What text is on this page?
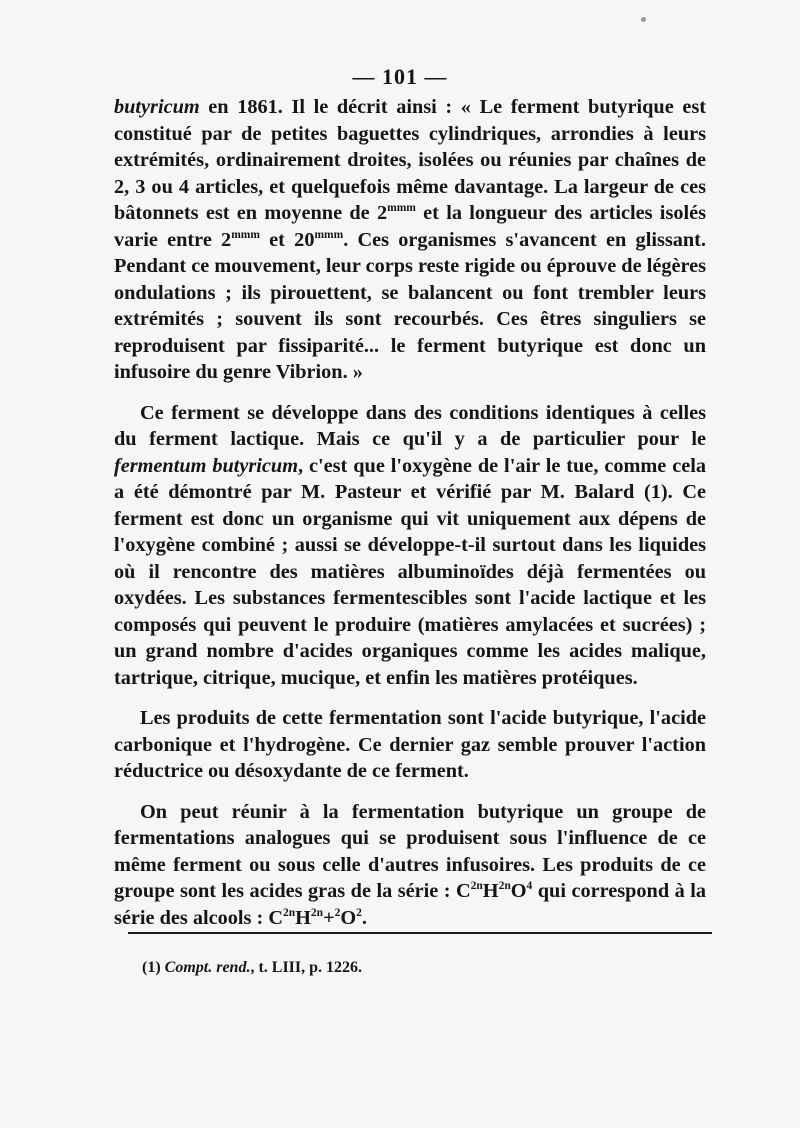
— 101 —

butyricum en 1861. Il le décrit ainsi : « Le ferment butyrique est constitué par de petites baguettes cylindriques, arrondies à leurs extrémités, ordinairement droites, isolées ou réunies par chaînes de 2, 3 ou 4 articles, et quelquefois même davantage. La largeur de ces bâtonnets est en moyenne de $2^{mmm}$ et la longueur des articles isolés varie entre $2^{mmm}$ et $20^{mmm}$. Ces organismes s'avancent en glissant. Pendant ce mouvement, leur corps reste rigide ou éprouve de légères ondulations ; ils pirouettent, se balancent ou font trembler leurs extrémités ; souvent ils sont recourbés. Ces êtres singuliers se reproduisent par fissiparité... le ferment butyrique est donc un infusoire du genre Vibrion. »

Ce ferment se développe dans des conditions identiques à celles du ferment lactique. Mais ce qu'il y a de particulier pour le fermentum butyricum, c'est que l'oxygène de l'air le tue, comme cela a été démontré par M. Pasteur et vérifié par M. Balard (1). Ce ferment est donc un organisme qui vit uniquement aux dépens de l'oxygène combiné ; aussi se développe-t-il surtout dans les liquides où il rencontre des matières albuminoïdes déjà fermentées ou oxydées. Les substances fermentescibles sont l'acide lactique et les composés qui peuvent le produire (matières amylacées et sucrées) ; un grand nombre d'acides organiques comme les acides malique, tartrique, citrique, mucique, et enfin les matières protéiques.

Les produits de cette fermentation sont l'acide butyrique, l'acide carbonique et l'hydrogène. Ce dernier gaz semble prouver l'action réductrice ou désoxydante de ce ferment.

On peut réunir à la fermentation butyrique un groupe de fermentations analogues qui se produisent sous l'influence de ce même ferment ou sous celle d'autres infusoires. Les produits de ce groupe sont les acides gras de la série : $C^{2n}H^{2n}O^4$ qui correspond à la série des alcools : $C^{2n}H^{2n}+^2O^2$.

(1) Compt. rend., t. LIII, p. 1226.
